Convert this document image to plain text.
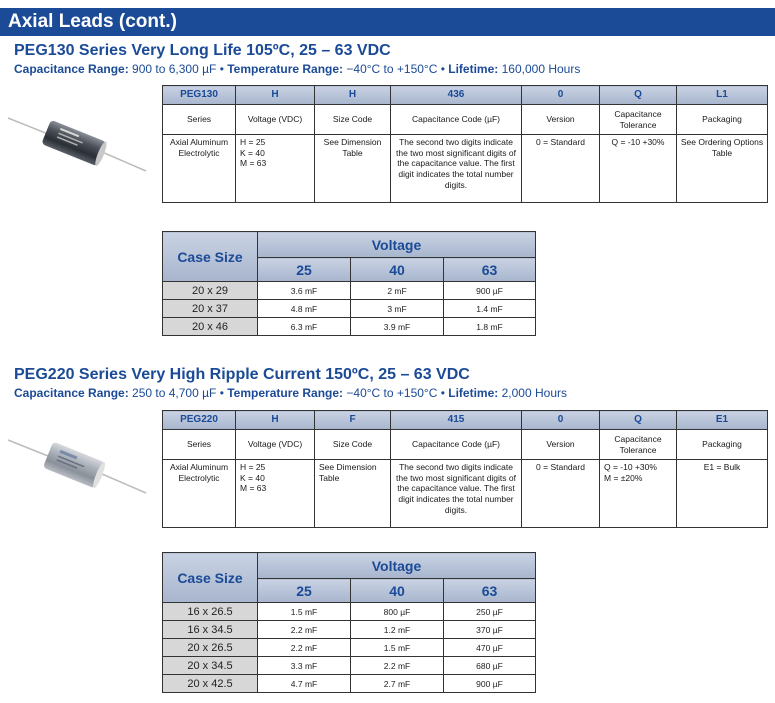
Axial Leads (cont.)
PEG130 Series Very Long Life 105ºC, 25 – 63 VDC
Capacitance Range: 900 to 6,300 µF • Temperature Range: −40°C to +150°C • Lifetime: 160,000 Hours
PEG130	H	H	436	0	Q	L1
Series	Voltage (VDC)	Size Code	Capacitance Code (µF)	Version	Capacitance Tolerance	Packaging
Axial Aluminum Electrolytic	H = 25
K = 40
M = 63	See Dimension Table	The second two digits indicate the two most significant digits of the capacitance value. The first digit indicates the total number digits.	0 = Standard	Q = -10 +30%	See Ordering Options Table
Case Size	Voltage		
	25	40	63
20 x 29	3.6 mF	2 mF	900 µF
20 x 37	4.8 mF	3 mF	1.4 mF
20 x 46	6.3 mF	3.9 mF	1.8 mF
PEG220 Series Very High Ripple Current 150ºC, 25 – 63 VDC
Capacitance Range: 250 to 4,700 µF • Temperature Range: −40°C to +150°C • Lifetime: 2,000 Hours
PEG220	H	F	415	0	Q	E1
Series	Voltage (VDC)	Size Code	Capacitance Code (µF)	Version	Capacitance Tolerance	Packaging
Axial Aluminum Electrolytic	H = 25
K = 40
M = 63	See Dimension Table	The second two digits indicate the two most significant digits of the capacitance value. The first digit indicates the total number digits.	0 = Standard	Q = -10 +30%
M = ±20%	E1 = Bulk
Case Size	Voltage		
	25	40	63
16 x 26.5	1.5 mF	800 µF	250 µF
16 x 34.5	2.2 mF	1.2 mF	370 µF
20 x 26.5	2.2 mF	1.5 mF	470 µF
20 x 34.5	3.3 mF	2.2 mF	680 µF
20 x 42.5	4.7 mF	2.7 mF	900 µF
